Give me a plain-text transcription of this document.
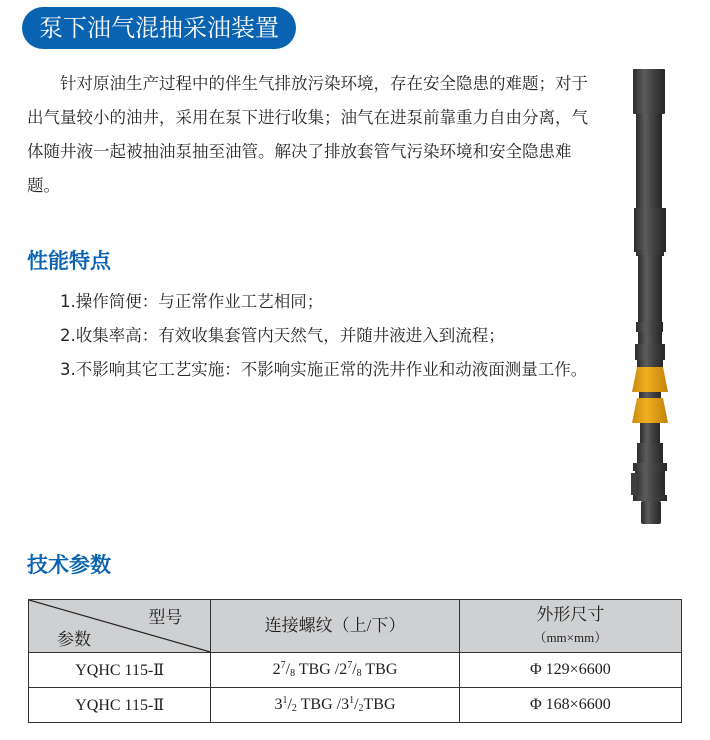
泵下油气混抽采油装置

针对原油生产过程中的伴生气排放污染环境，存在安全隐患的难题；对于出气量较小的油井，采用在泵下进行收集；油气在进泵前靠重力自由分离，气体随井液一起被抽油泵抽至油管。解决了排放套管气污染环境和安全隐患难题。

性能特点
1.操作简便：与正常作业工艺相同；
2.收集率高：有效收集套管内天然气，并随井液进入到流程；
3.不影响其它工艺实施：不影响实施正常的洗井作业和动液面测量工作。
技术参数
型号
参数	连接螺纹（上/下）	外形尺寸
（mm×mm）

YQHC 115-Ⅱ	$2^7/_8$ TBG $/2^7/_8$ TBG	Φ 129×6600
YQHC 115-Ⅱ	$3^1/_2$ TBG $/3^1/_2TBG$	Φ 168×6600
